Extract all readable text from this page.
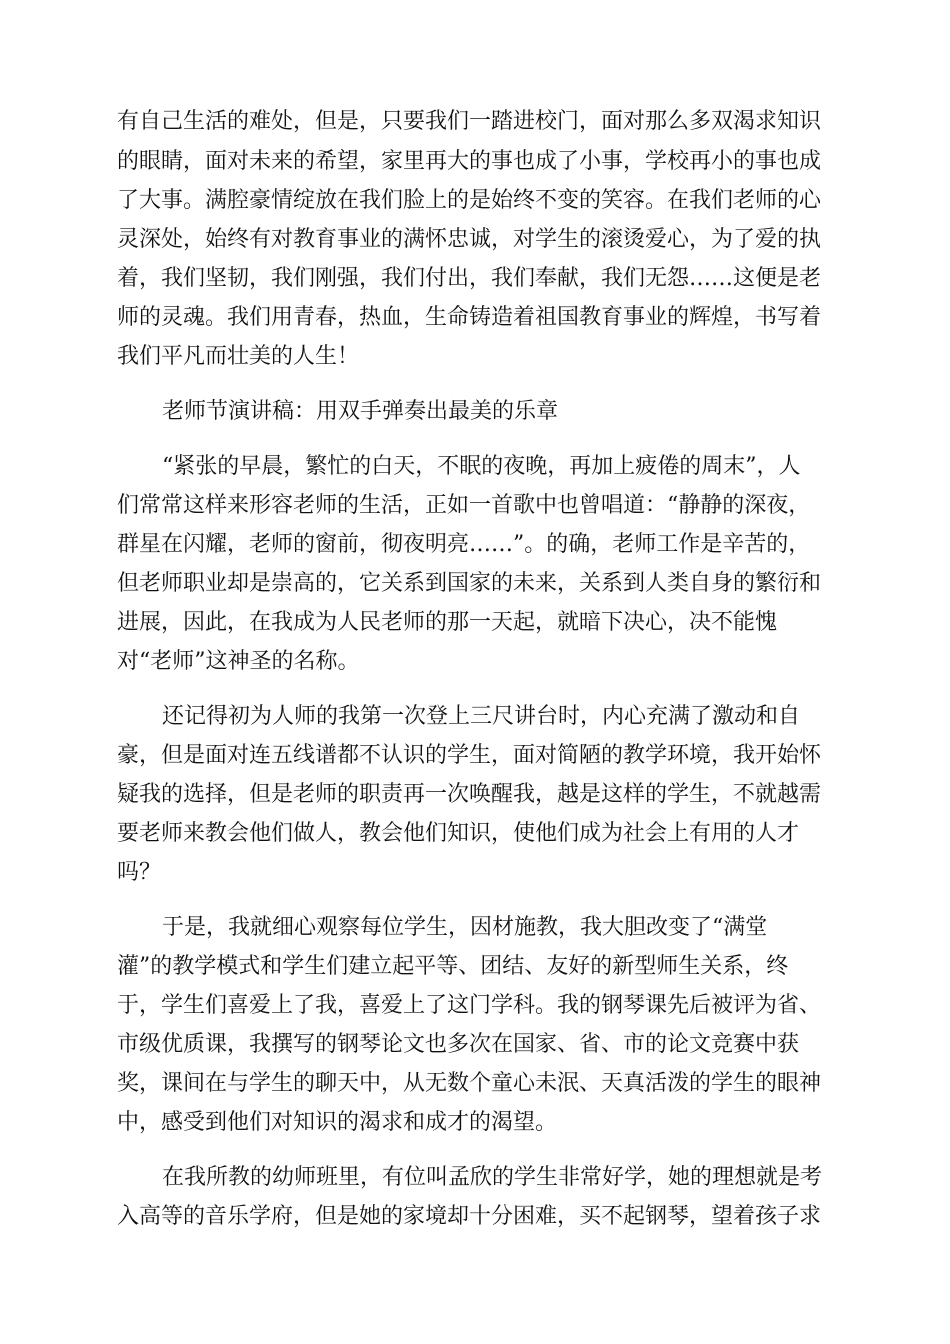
有自己生活的难处，但是，只要我们一踏进校门，面对那么多双渴求知识
的眼睛，面对未来的希望，家里再大的事也成了小事，学校再小的事也成
了大事。满腔豪情绽放在我们脸上的是始终不变的笑容。在我们老师的心
灵深处，始终有对教育事业的满怀忠诚，对学生的滚烫爱心，为了爱的执
着，我们坚韧，我们刚强，我们付出，我们奉献，我们无怨……这便是老
师的灵魂。我们用青春，热血，生命铸造着祖国教育事业的辉煌，书写着
我们平凡而壮美的人生！
老师节演讲稿：用双手弹奏出最美的乐章
“紧张的早晨，繁忙的白天，不眠的夜晚，再加上疲倦的周末”，人
们常常这样来形容老师的生活，正如一首歌中也曾唱道：“静静的深夜，
群星在闪耀，老师的窗前，彻夜明亮……”。的确，老师工作是辛苦的，
但老师职业却是崇高的，它关系到国家的未来，关系到人类自身的繁衍和
进展，因此，在我成为人民老师的那一天起，就暗下决心，决不能愧
对“老师”这神圣的名称。
还记得初为人师的我第一次登上三尺讲台时，内心充满了激动和自
豪，但是面对连五线谱都不认识的学生，面对简陋的教学环境，我开始怀
疑我的选择，但是老师的职责再一次唤醒我，越是这样的学生，不就越需
要老师来教会他们做人，教会他们知识，使他们成为社会上有用的人才
吗？
于是，我就细心观察每位学生，因材施教，我大胆改变了“满堂
灌”的教学模式和学生们建立起平等、团结、友好的新型师生关系，终
于，学生们喜爱上了我，喜爱上了这门学科。我的钢琴课先后被评为省、
市级优质课，我撰写的钢琴论文也多次在国家、省、市的论文竞赛中获
奖，课间在与学生的聊天中，从无数个童心未泯、天真活泼的学生的眼神
中，感受到他们对知识的渴求和成才的渴望。
在我所教的幼师班里，有位叫孟欣的学生非常好学，她的理想就是考
入高等的音乐学府，但是她的家境却十分困难，买不起钢琴，望着孩子求
